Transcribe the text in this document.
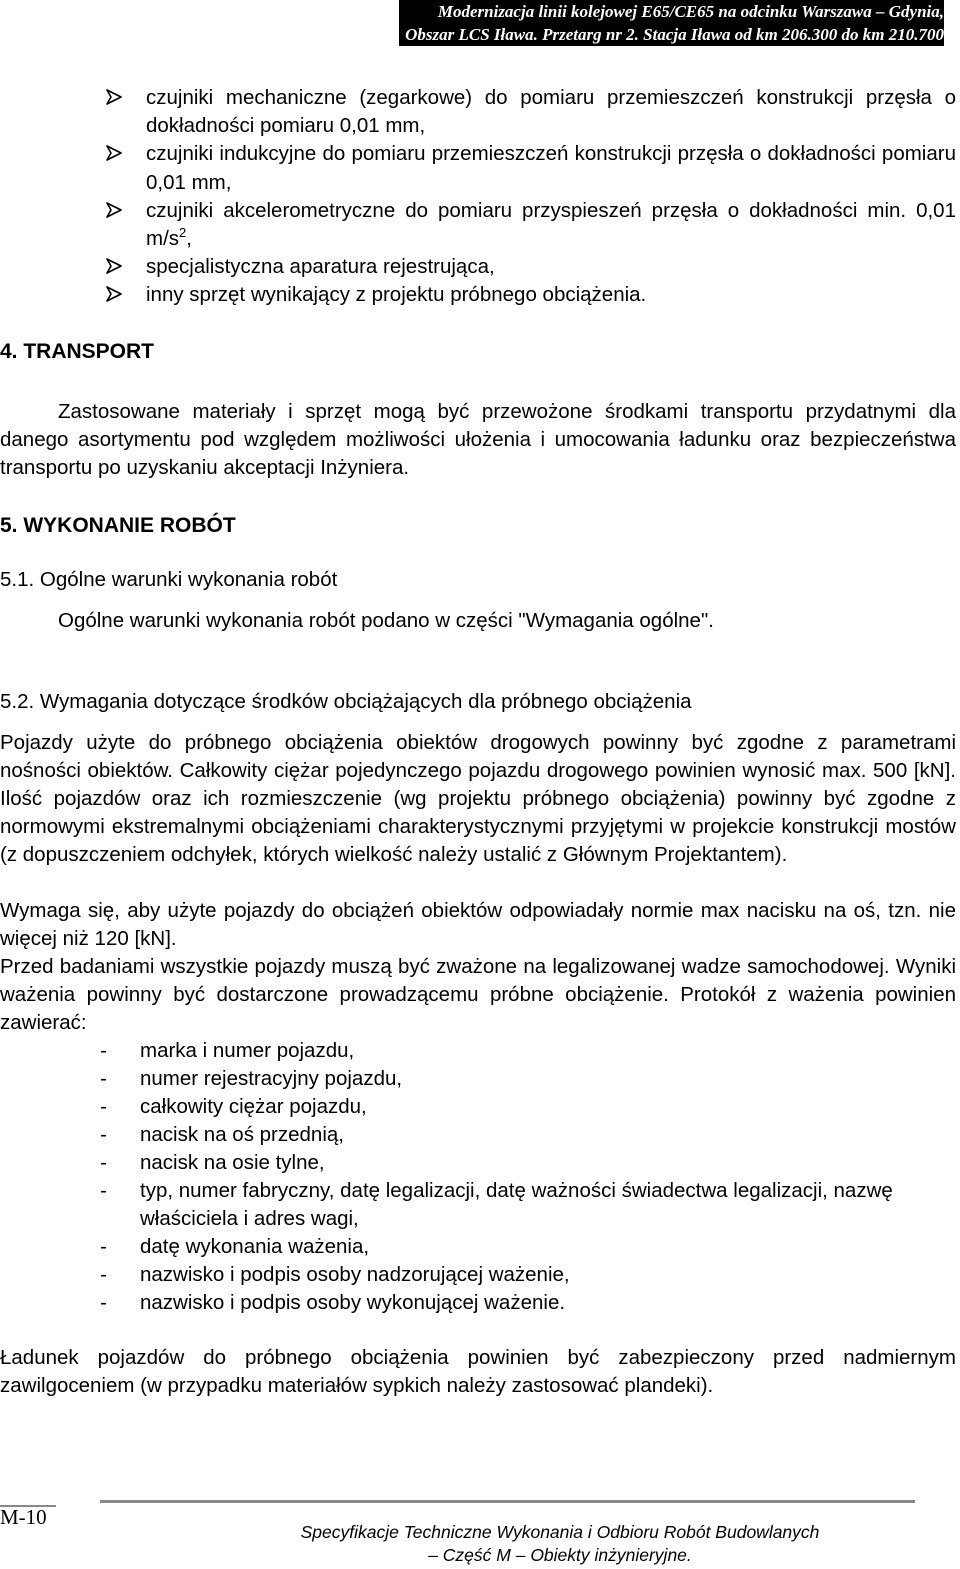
Modernizacja linii kolejowej E65/CE65 na odcinku Warszawa – Gdynia,
Obszar LCS Iława. Przetarg nr 2. Stacja Iława od km 206.300 do km 210.700
czujniki mechaniczne (zegarkowe) do pomiaru przemieszczeń konstrukcji przęsła o dokładności pomiaru 0,01 mm,
czujniki indukcyjne do pomiaru przemieszczeń konstrukcji przęsła o dokładności pomiaru 0,01 mm,
czujniki akcelerometryczne do pomiaru przyspieszeń przęsła o dokładności min. 0,01 $m/s^2$,
specjalistyczna aparatura rejestrująca,
inny sprzęt wynikający z projektu próbnego obciążenia.
4. TRANSPORT
Zastosowane materiały i sprzęt mogą być przewożone środkami transportu przydatnymi dla danego asortymentu pod względem możliwości ułożenia i umocowania ładunku oraz bezpieczeństwa transportu po uzyskaniu akceptacji Inżyniera.
5. WYKONANIE ROBÓT
5.1. Ogólne warunki wykonania robót
Ogólne warunki wykonania robót podano w części "Wymagania ogólne".
5.2. Wymagania dotyczące środków obciążających dla próbnego obciążenia
Pojazdy użyte do próbnego obciążenia obiektów drogowych powinny być zgodne z parametrami nośności obiektów. Całkowity ciężar pojedynczego pojazdu drogowego powinien wynosić max. 500 [kN]. Ilość pojazdów oraz ich rozmieszczenie (wg projektu próbnego obciążenia) powinny być zgodne z normowymi ekstremalnymi obciążeniami charakterystycznymi przyjętymi w projekcie konstrukcji mostów (z dopuszczeniem odchyłek, których wielkość należy ustalić z Głównym Projektantem).
Wymaga się, aby użyte pojazdy do obciążeń obiektów odpowiadały normie max nacisku na oś, tzn. nie więcej niż 120 [kN].
Przed badaniami wszystkie pojazdy muszą być zważone na legalizowanej wadze samochodowej. Wyniki ważenia powinny być dostarczone prowadzącemu próbne obciążenie. Protokół z ważenia powinien zawierać:
- marka i numer pojazdu,
- numer rejestracyjny pojazdu,
- całkowity ciężar pojazdu,
- nacisk na oś przednią,
- nacisk na osie tylne,
- typ, numer fabryczny, datę legalizacji, datę ważności świadectwa legalizacji, nazwę właściciela i adres wagi,
- datę wykonania ważenia,
- nazwisko i podpis osoby nadzorującej ważenie,
- nazwisko i podpis osoby wykonującej ważenie.
Ładunek pojazdów do próbnego obciążenia powinien być zabezpieczony przed nadmiernym zawilgoceniem (w przypadku materiałów sypkich należy zastosować plandeki).
M-10
Specyfikacje Techniczne Wykonania i Odbioru Robót Budowlanych
– Część M – Obiekty inżynieryjne.
